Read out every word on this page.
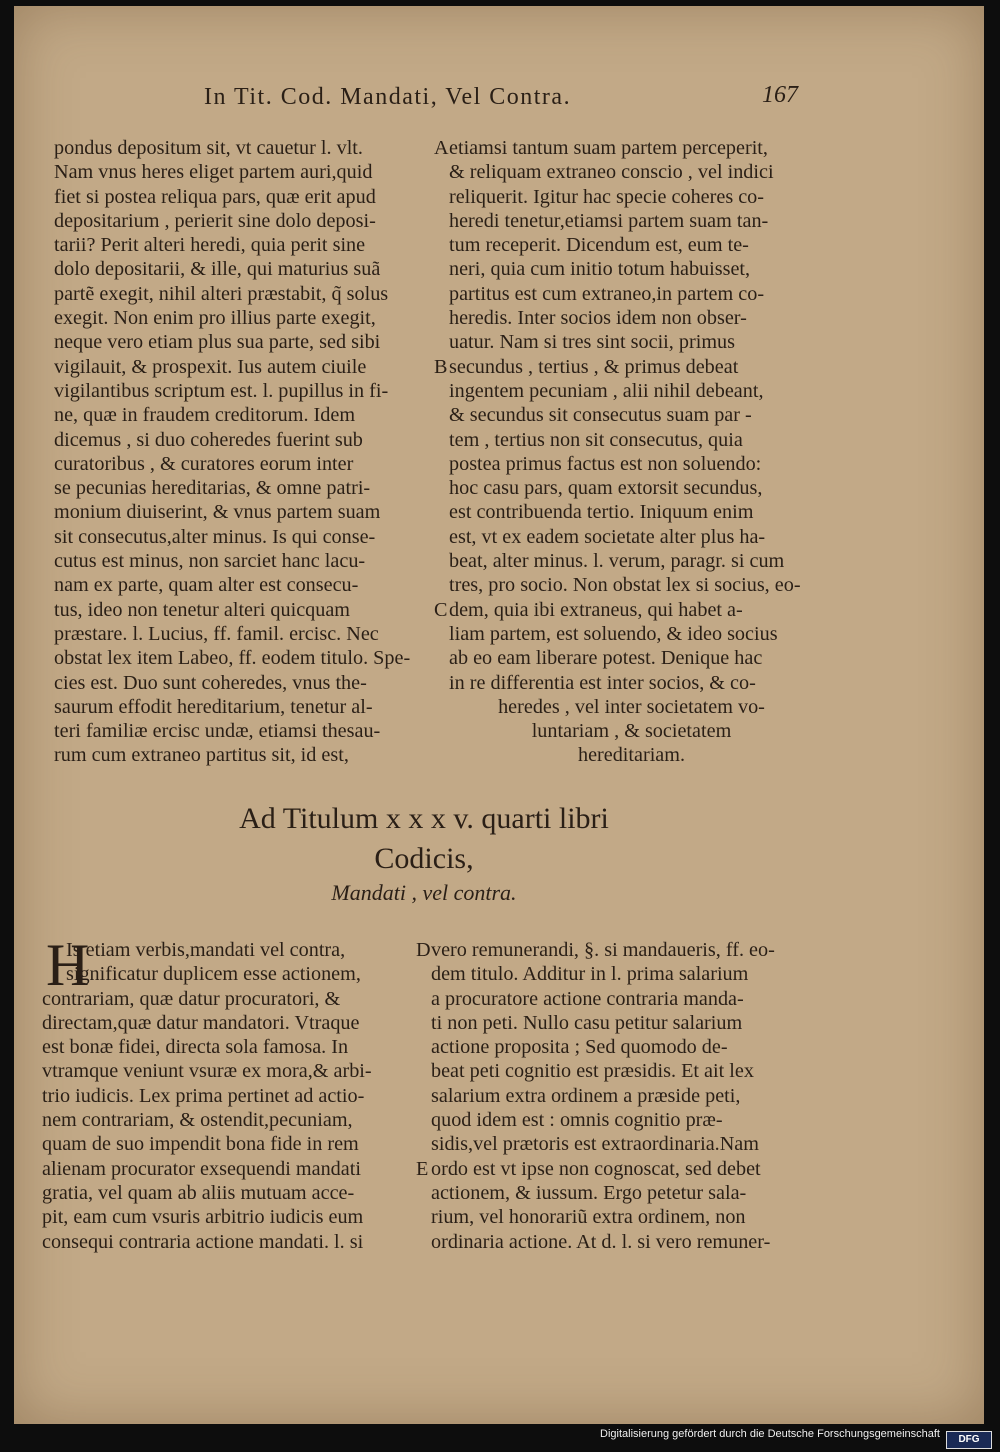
In Tit. Cod. Mandati, Vel Contra.	167
pondus depositum sit, vt cauetur l. vlt.
Nam vnus heres eliget partem auri,quid
fiet si postea reliqua pars, quæ erit apud
depositarium , perierit sine dolo deposi-
tarii? Perit alteri heredi, quia perit sine
dolo depositarii, & ille, qui maturius suã
partẽ exegit, nihil alteri præstabit, q̃ solus
exegit. Non enim pro illius parte exegit,
neque vero etiam plus sua parte, sed sibi
vigilauit, & prospexit. Ius autem ciuile
vigilantibus scriptum est. l. pupillus in fi-
ne, quæ in fraudem creditorum. Idem
dicemus , si duo coheredes fuerint sub
curatoribus , & curatores eorum inter
se pecunias hereditarias, & omne patri-
monium diuiserint, & vnus partem suam
sit consecutus,alter minus. Is qui conse-
cutus est minus, non sarciet hanc lacu-
nam ex parte, quam alter est consecu-
tus, ideo non tenetur alteri quicquam
præstare. l. Lucius, ff. famil. ercisc. Nec
obstat lex item Labeo, ff. eodem titulo. Spe-
cies est. Duo sunt coheredes, vnus the-
saurum effodit hereditarium, tenetur al-
teri familiæ ercisc undæ, etiamsi thesau-
rum cum extraneo partitus sit, id est,
Aetiamsi tantum suam partem perceperit,
& reliquam extraneo conscio , vel indici
reliquerit. Igitur hac specie coheres co-
heredi tenetur,etiamsi partem suam tan-
tum receperit. Dicendum est, eum te-
neri, quia cum initio totum habuisset,
partitus est cum extraneo,in partem co-
heredis. Inter socios idem non obser-
uatur. Nam si tres sint socii, primus
Bsecundus , tertius , & primus debeat
ingentem pecuniam , alii nihil debeant,
& secundus sit consecutus suam par -
tem , tertius non sit consecutus, quia
postea primus factus est non soluendo:
hoc casu pars, quam extorsit secundus,
est contribuenda tertio. Iniquum enim
est, vt ex eadem societate alter plus ha-
beat, alter minus. l. verum, paragr. si cum
tres, pro socio. Non obstat lex si socius, eo-
Cdem, quia ibi extraneus, qui habet a-
liam partem, est soluendo, & ideo socius
ab eo eam liberare potest. Denique hac
in re differentia est inter socios, & co-
heredes , vel inter societatem vo-
luntariam , & societatem
hereditariam.
Ad Titulum x x x v. quarti libri
Codicis,
Mandati , vel contra.
H
Is etiam verbis,mandati vel contra,
significatur duplicem esse actionem,
contrariam, quæ datur procuratori, &
directam,quæ datur mandatori. Vtraque
est bonæ fidei, directa sola famosa. In
vtramque veniunt vsuræ ex mora,& arbi-
trio iudicis. Lex prima pertinet ad actio-
nem contrariam, & ostendit,pecuniam,
quam de suo impendit bona fide in rem
alienam procurator exsequendi mandati
gratia, vel quam ab aliis mutuam acce-
pit, eam cum vsuris arbitrio iudicis eum
consequi contraria actione mandati. l. si
Dvero remunerandi, §. si mandaueris, ff. eo-
dem titulo. Additur in l. prima salarium
a procuratore actione contraria manda-
ti non peti. Nullo casu petitur salarium
actione proposita ; Sed quomodo de-
beat peti cognitio est præsidis. Et ait lex
salarium extra ordinem a præside peti,
quod idem est : omnis cognitio præ-
sidis,vel prætoris est extraordinaria.Nam
E ordo est vt ipse non cognoscat, sed debet
actionem, & iussum. Ergo petetur sala-
rium, vel honorariũ extra ordinem, non
ordinaria actione. At d. l. si vero remuner-
Digitalisierung gefördert durch die Deutsche Forschungsgemeinschaft	DFG
